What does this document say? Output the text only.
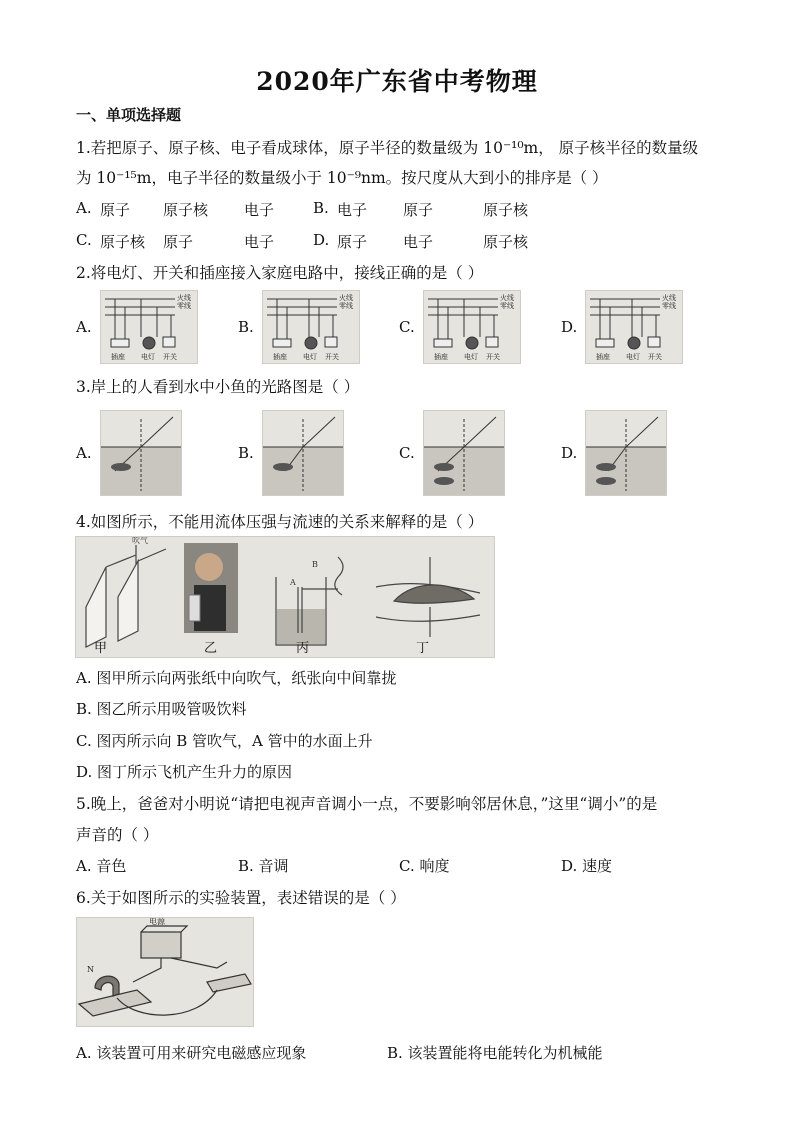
2020年广东省中考物理
一、单项选择题
1.若把原子、原子核、电子看成球体，原子半径的数量级为 10⁻¹⁰m， 原子核半径的数量级
为 10⁻¹⁵m，电子半径的数量级小于 10⁻⁹nm。按尺度从大到小的排序是（ ）
A. 原子 原子核 电子	B. 电子 原子	原子核
C. 原子核 原子	电子	D. 原子 电子	原子核
2.将电灯、开关和插座接入家庭电路中，接线正确的是（ ）
A.
火线
零线
插座 电灯 开关
B.
火线
零线
插座 电灯 开关
C.
火线
零线
插座 电灯 开关
D.
火线
零线
插座 电灯 开关
3.岸上的人看到水中小鱼的光路图是（ ）
A.	B.	C.	D.
4.如图所示，不能用流体压强与流速的关系来解释的是（ ）
吹气
B
A
甲	乙	丙	丁
A. 图甲所示向两张纸中向吹气，纸张向中间靠拢
B. 图乙所示用吸管吸饮料
C. 图丙所示向 B 管吹气，A 管中的水面上升
D. 图丁所示飞机产生升力的原因
5.晚上，爸爸对小明说“请把电视声音调小一点，不要影响邻居休息，”这里“调小”的是
声音的（ ）
A. 音色	B. 音调	C. 响度	D. 速度
6.关于如图所示的实验装置，表述错误的是（ ）
电源
N
A. 该装置可用来研究电磁感应现象	B. 该装置能将电能转化为机械能
